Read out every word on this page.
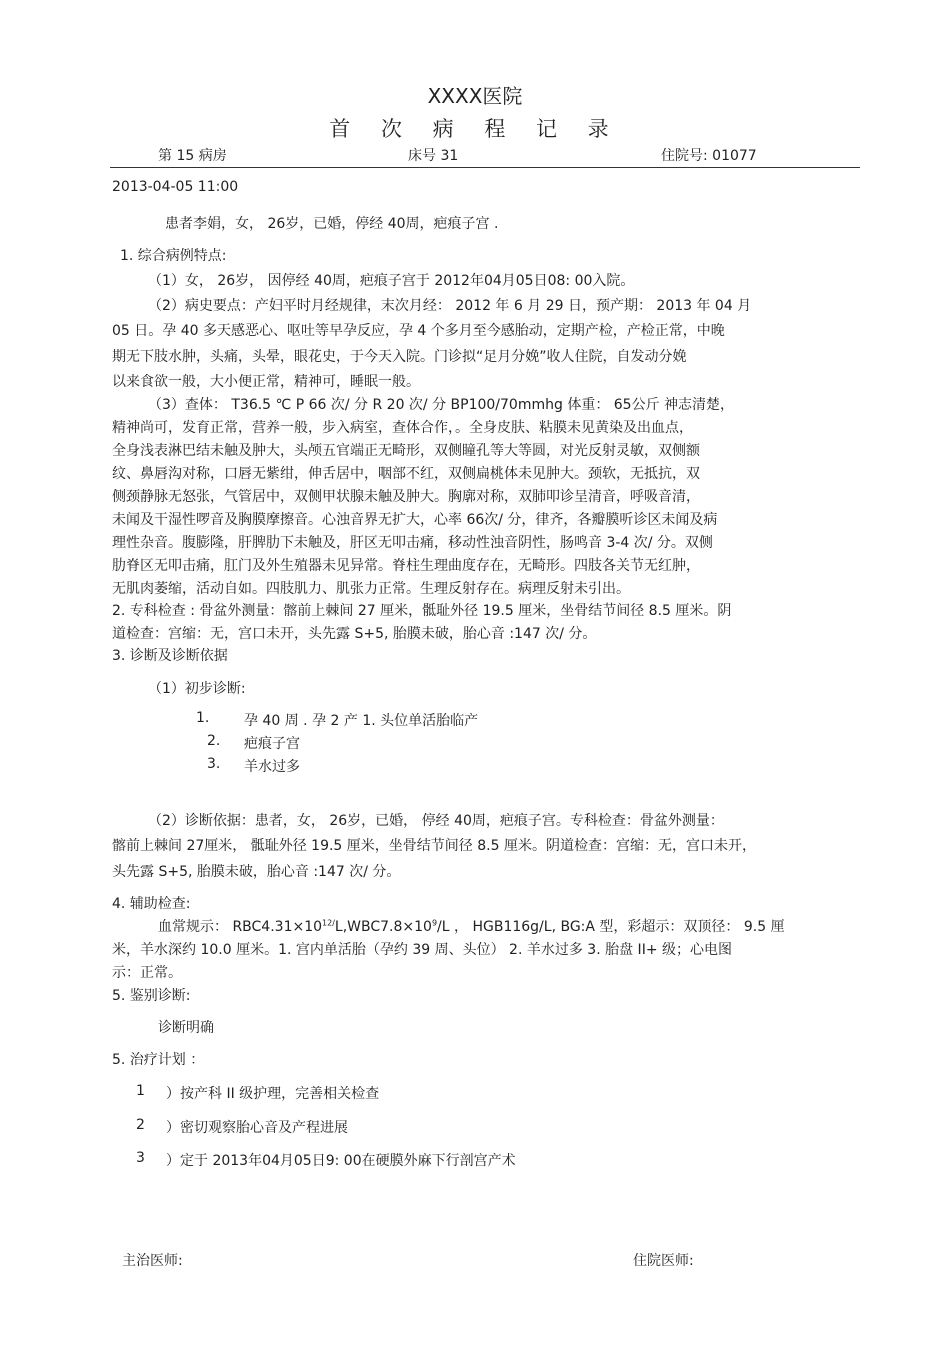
XXXX医院
首 次 病 程 记 录
第 15 病房	床号 31	住院号: 01077
2013-04-05 11:00
患者李娟，女， 26岁，已婚，停经 40周，疤痕子宫 .
1. 综合病例特点:
（1）女， 26岁， 因停经 40周，疤痕子宫于 2012年04月05日08: 00入院。
（2）病史要点：产妇平时月经规律，末次月经： 2012 年 6 月 29 日，预产期： 2013 年 04 月
05 日。孕 40 多天感恶心、呕吐等早孕反应，孕 4 个多月至今感胎动，定期产检，产检正常，中晚
期无下肢水肿，头痛，头晕，眼花史，于今天入院。门诊拟“足月分娩”收人住院，自发动分娩
以来食欲一般，大小便正常，精神可，睡眠一般。
（3）查体： T36.5 ℃ P 66 次/ 分 R 20 次/ 分 BP100/70mmhg 体重： 65公斤 神志清楚，
精神尚可，发育正常，营养一般，步入病室，查体合作，。全身皮肤、粘膜未见黄染及出血点，
全身浅表淋巴结未触及肿大，头颅五官端正无畸形，双侧瞳孔等大等圆，对光反射灵敏，双侧额
纹、鼻唇沟对称，口唇无紫绀，伸舌居中，咽部不红，双侧扁桃体未见肿大。颈软，无抵抗，双
侧颈静脉无怒张，气管居中，双侧甲状腺未触及肿大。胸廓对称，双肺叩诊呈清音，呼吸音清，
未闻及干湿性啰音及胸膜摩擦音。心浊音界无扩大，心率 66次/ 分，律齐，各瓣膜听诊区未闻及病
理性杂音。腹膨隆，肝脾肋下未触及，肝区无叩击痛，移动性浊音阴性，肠鸣音 3-4 次/ 分。双侧
肋脊区无叩击痛，肛门及外生殖器未见异常。脊柱生理曲度存在，无畸形。四肢各关节无红肿，
无肌肉萎缩，活动自如。四肢肌力、肌张力正常。生理反射存在。病理反射未引出。
2. 专科检查 : 骨盆外测量：髂前上棘间 27 厘米，骶耻外径 19.5 厘米，坐骨结节间径 8.5 厘米。阴
道检查：宫缩：无，宫口未开，头先露 S+5, 胎膜未破，胎心音 :147 次/ 分。
3. 诊断及诊断依据
（1）初步诊断:
1. 孕 40 周 . 孕 2 产 1. 头位单活胎临产
2. 疤痕子宫
3. 羊水过多
（2）诊断依据：患者，女， 26岁，已婚， 停经 40周，疤痕子宫。专科检查：骨盆外测量：
髂前上棘间 27厘米， 骶耻外径 19.5 厘米，坐骨结节间径 8.5 厘米。阴道检查：宫缩：无，宫口未开，
头先露 S+5, 胎膜未破，胎心音 :147 次/ 分。
4. 辅助检查:
血常规示： $RBC4.31\times 10^{12/}L,WBC7.8\times 10^9/L$ ， HGB116g/L, BG:A 型，彩超示：双顶径： 9.5 厘
米，羊水深约 10.0 厘米。1. 宫内单活胎（孕约 39 周、头位） 2. 羊水过多 3. 胎盘 II+ 级；心电图
示：正常。
5. 鉴别诊断:
诊断明确
5. 治疗计划 ：
1 ）按产科 II 级护理，完善相关检查
2 ）密切观察胎心音及产程进展
3 ）定于 2013年04月05日9: 00在硬膜外麻下行剖宫产术
主治医师:	住院医师:
